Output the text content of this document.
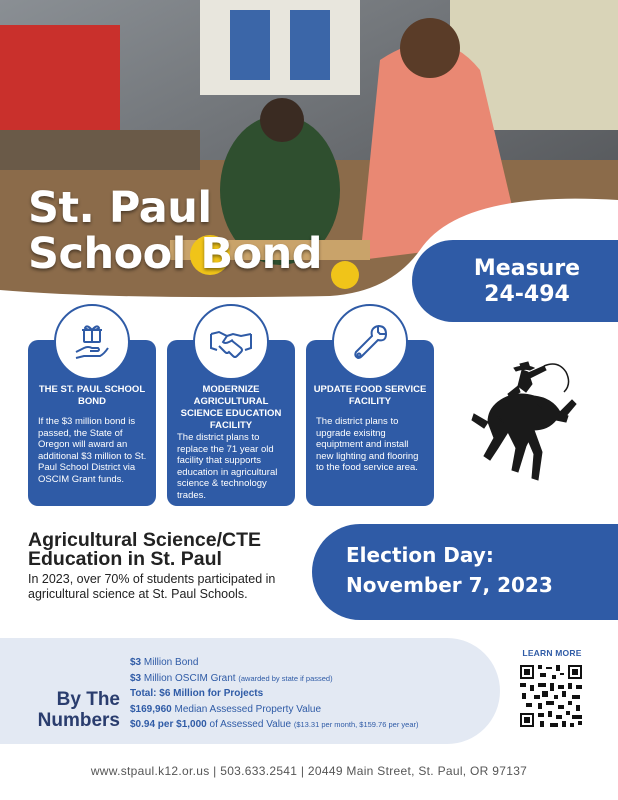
St. Paul
School Bond	Measure
24-494
THE ST. PAUL SCHOOL BOND
If the $3 million bond is passed, the State of Oregon will award an additional $3 million to St. Paul School District via OSCIM Grant funds.
MODERNIZE AGRICULTURAL SCIENCE EDUCATION FACILITY
The district plans to replace the 71 year old facility that supports education in agricultural science & technology trades.
UPDATE FOOD SERVICE FACILITY
The district plans to upgrade exisitng equiptment and install new lighting and flooring to the food service area.
Agricultural Science/CTE
Education in St. Paul
In 2023, over 70% of students participated in agricultural science at St. Paul Schools.
Election Day:
November 7, 2023
By The
Numbers
$3 Million Bond
$3 Million OSCIM Grant (awarded by state if passed)
Total: $6 Million for Projects
$169,960 Median Assessed Property Value
$0.94 per $1,000 of Assessed Value ($13.31 per month, $159.76 per year)
LEARN MORE
www.stpaul.k12.or.us | 503.633.2541 | 20449 Main Street, St. Paul, OR 97137
